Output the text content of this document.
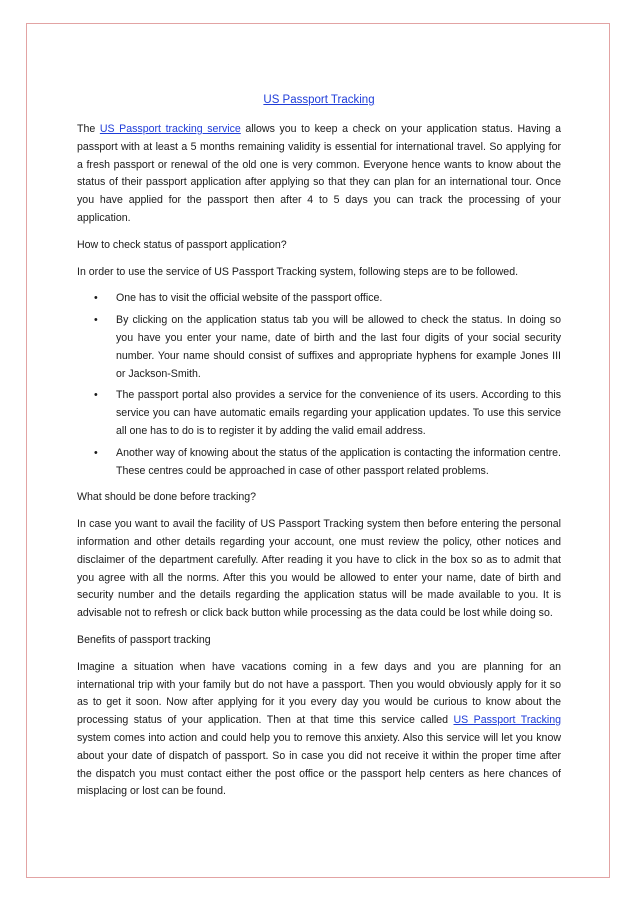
US Passport Tracking

The US Passport tracking service allows you to keep a check on your application status. Having a passport with at least a 5 months remaining validity is essential for international travel. So applying for a fresh passport or renewal of the old one is very common. Everyone hence wants to know about the status of their passport application after applying so that they can plan for an international tour. Once you have applied for the passport then after 4 to 5 days you can track the processing of your application.

How to check status of passport application?

In order to use the service of US Passport Tracking system, following steps are to be followed.

• One has to visit the official website of the passport office.
• By clicking on the application status tab you will be allowed to check the status. In doing so you have you enter your name, date of birth and the last four digits of your social security number. Your name should consist of suffixes and appropriate hyphens for example Jones III or Jackson-Smith.
• The passport portal also provides a service for the convenience of its users. According to this service you can have automatic emails regarding your application updates. To use this service all one has to do is to register it by adding the valid email address.
• Another way of knowing about the status of the application is contacting the information centre. These centres could be approached in case of other passport related problems.

What should be done before tracking?

In case you want to avail the facility of US Passport Tracking system then before entering the personal information and other details regarding your account, one must review the policy, other notices and disclaimer of the department carefully. After reading it you have to click in the box so as to admit that you agree with all the norms. After this you would be allowed to enter your name, date of birth and security number and the details regarding the application status will be made available to you. It is advisable not to refresh or click back button while processing as the data could be lost while doing so.

Benefits of passport tracking

Imagine a situation when have vacations coming in a few days and you are planning for an international trip with your family but do not have a passport. Then you would obviously apply for it so as to get it soon. Now after applying for it you every day you would be curious to know about the processing status of your application. Then at that time this service called US Passport Tracking system comes into action and could help you to remove this anxiety. Also this service will let you know about your date of dispatch of passport. So in case you did not receive it within the proper time after the dispatch you must contact either the post office or the passport help centers as here chances of misplacing or lost can be found.
